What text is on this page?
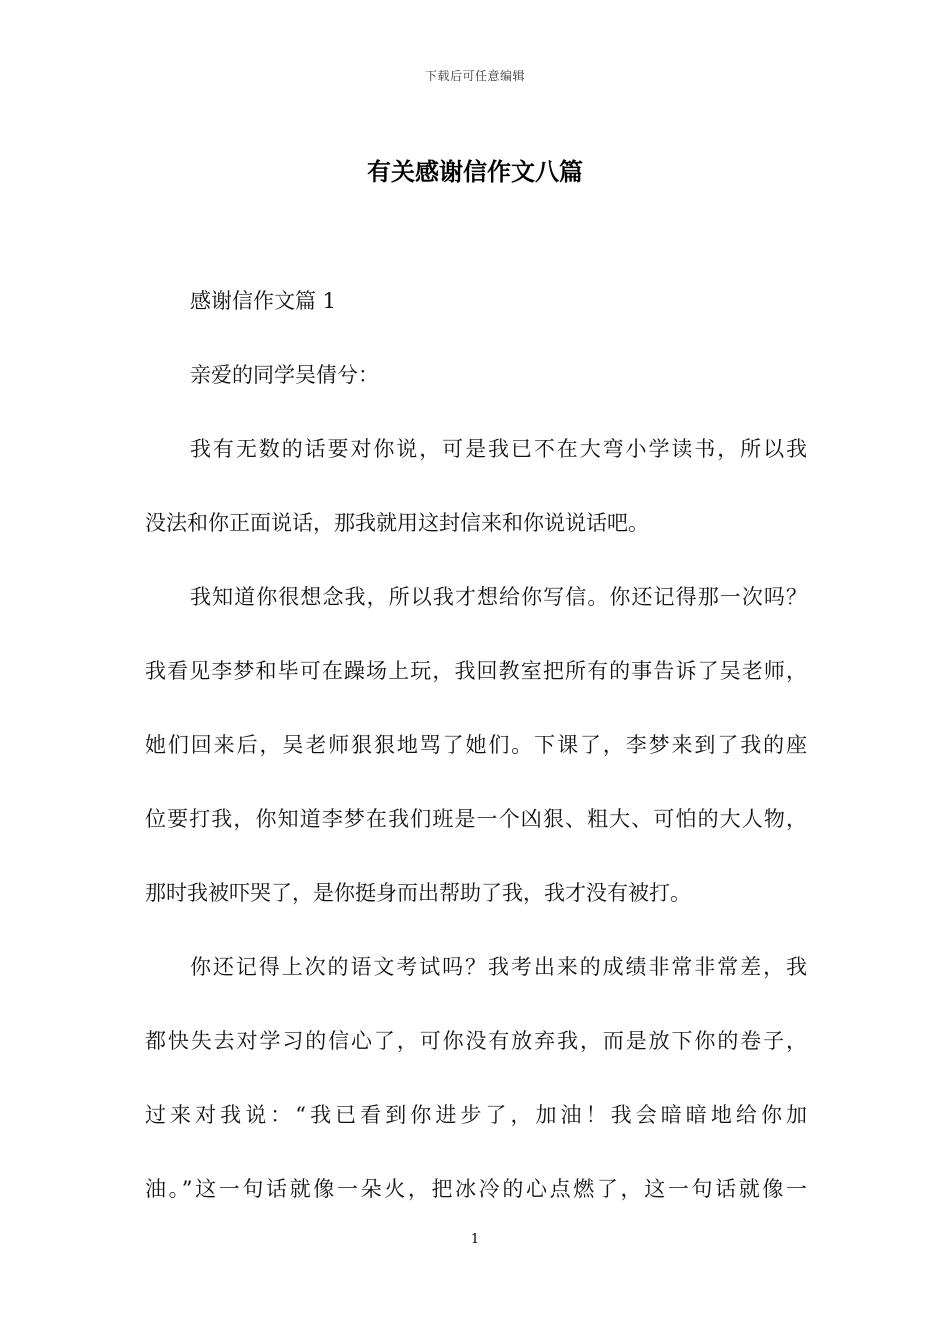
下载后可任意编辑
有关感谢信作文八篇

感谢信作文篇 1

亲爱的同学吴倩兮：

我有无数的话要对你说，可是我已不在大弯小学读书，所以我

没法和你正面说话，那我就用这封信来和你说说话吧。

我知道你很想念我，所以我才想给你写信。你还记得那一次吗？

我看见李梦和毕可在躁场上玩，我回教室把所有的事告诉了吴老师，

她们回来后，吴老师狠狠地骂了她们。下课了，李梦来到了我的座

位要打我，你知道李梦在我们班是一个凶狠、粗大、可怕的大人物，

那时我被吓哭了，是你挺身而出帮助了我，我才没有被打。

你还记得上次的语文考试吗？我考出来的成绩非常非常差，我

都快失去对学习的信心了，可你没有放弃我，而是放下你的卷子，

过来对我说：“我已看到你进步了，加油！我会暗暗地给你加

油。”这一句话就像一朵火，把冰冷的心点燃了，这一句话就像一

1
